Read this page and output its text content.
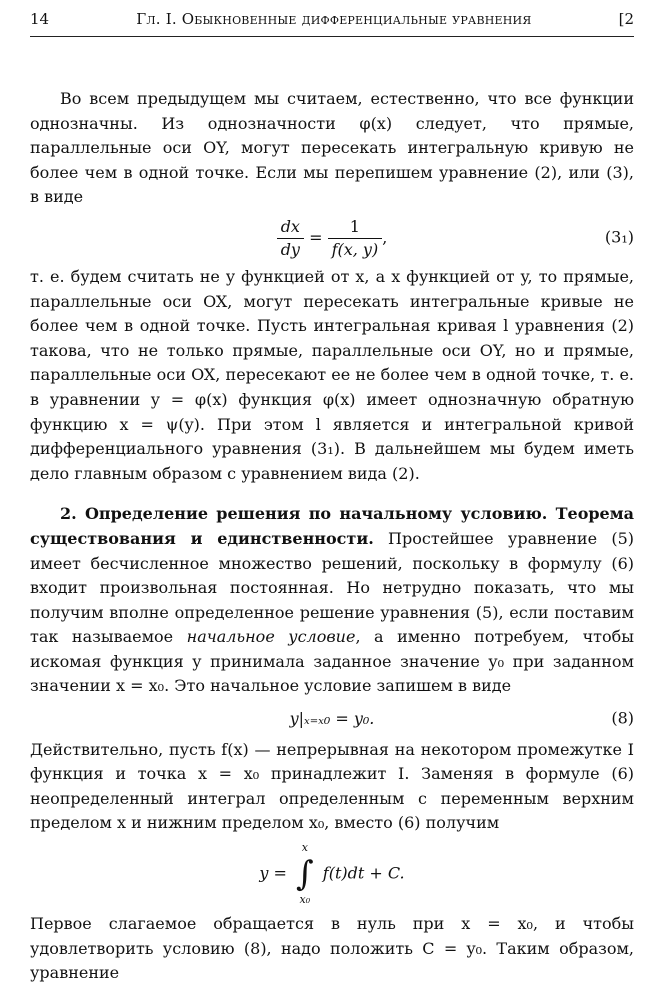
14	Гл. I. Обыкновенные дифференциальные уравнения	[2

Во всем предыдущем мы считаем, естественно, что все функции однозначны. Из однозначности φ(x) следует, что прямые, параллельные оси OY, могут пересекать интегральную кривую не более чем в одной точке. Если мы перепишем уравнение (2), или (3), в виде

$\frac{dx}{dy} = \frac{1}{f(x, y)}$ ,	(3₁)

т. е. будем считать не y функцией от x, а x функцией от y, то прямые, параллельные оси OX, могут пересекать интегральные кривые не более чем в одной точке. Пусть интегральная кривая l уравнения (2) такова, что не только прямые, параллельные оси OY, но и прямые, параллельные оси OX, пересекают ее не более чем в одной точке, т. е. в уравнении y = φ(x) функция φ(x) имеет однозначную обратную функцию x = ψ(y). При этом l является и интегральной кривой дифференциального уравнения (3₁). В дальнейшем мы будем иметь дело главным образом с уравнением вида (2).

2. Определение решения по начальному условию. Теорема существования и единственности. Простейшее уравнение (5) имеет бесчисленное множество решений, поскольку в формулу (6) входит произвольная постоянная. Но нетрудно показать, что мы получим вполне определенное решение уравнения (5), если поставим так называемое начальное условие, а именно потребуем, чтобы искомая функция y принимала заданное значение y₀ при заданном значении x = x₀. Это начальное условие запишем в виде

y|ₓ₌ₓ₀ = y₀.	(8)

Действительно, пусть f(x) — непрерывная на некотором промежутке I функция и точка x = x₀ принадлежит I. Заменяя в формуле (6) неопределенный интеграл определенным с переменным верхним пределом x и нижним пределом x₀, вместо (6) получим

y =
x
∫
x₀
f(t)dt + C.

Первое слагаемое обращается в нуль при x = x₀, и чтобы удовлетворить условию (8), надо положить C = y₀. Таким образом, уравнение
